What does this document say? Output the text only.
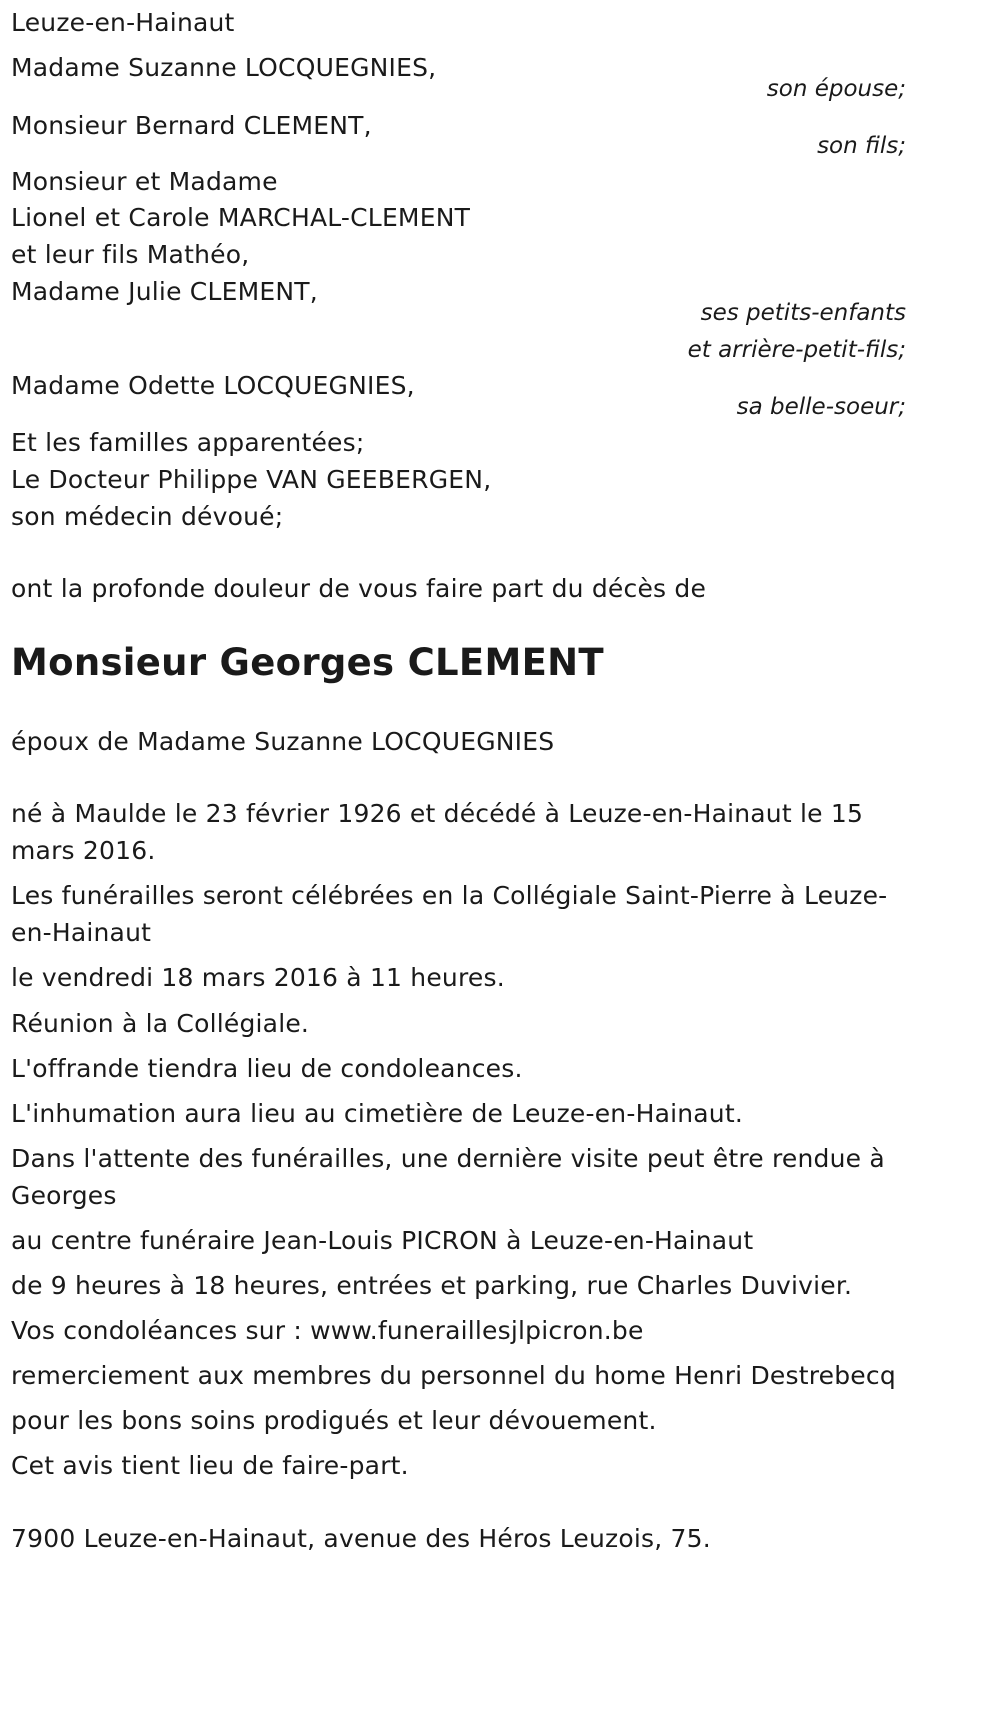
Leuze-en-Hainaut
Madame Suzanne LOCQUEGNIES,
son épouse;
Monsieur Bernard CLEMENT,
son fils;
Monsieur et Madame
Lionel et Carole MARCHAL-CLEMENT
et leur fils Mathéo,
Madame Julie CLEMENT,
ses petits-enfants
et arrière-petit-fils;
Madame Odette LOCQUEGNIES,
sa belle-soeur;
Et les familles apparentées;
Le Docteur Philippe VAN GEEBERGEN,
son médecin dévoué;
ont la profonde douleur de vous faire part du décès de
Monsieur Georges CLEMENT
époux de Madame Suzanne LOCQUEGNIES
né à Maulde le 23 février 1926 et décédé à Leuze-en-Hainaut le 15 mars 2016.
Les funérailles seront célébrées en la Collégiale Saint-Pierre à Leuze-en-Hainaut
le vendredi 18 mars 2016 à 11 heures.
Réunion à la Collégiale.
L'offrande tiendra lieu de condoleances.
L'inhumation aura lieu au cimetière de Leuze-en-Hainaut.
Dans l'attente des funérailles, une dernière visite peut être rendue à Georges
au centre funéraire Jean-Louis PICRON à Leuze-en-Hainaut
de 9 heures à 18 heures, entrées et parking, rue Charles Duvivier.
Vos condoléances sur : www.funeraillesjlpicron.be
remerciement aux membres du personnel du home Henri Destrebecq
pour les bons soins prodigués et leur dévouement.
Cet avis tient lieu de faire-part.
7900 Leuze-en-Hainaut, avenue des Héros Leuzois, 75.
